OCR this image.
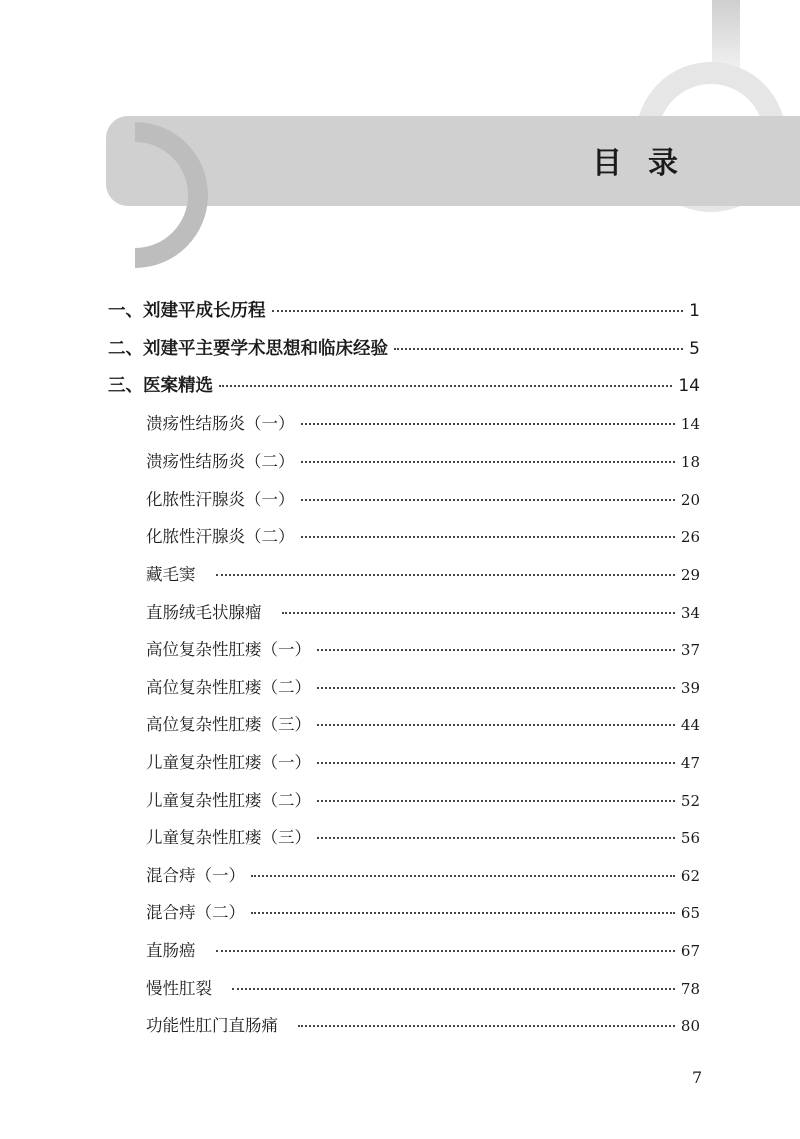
目录
一、刘建平成长历程	1
二、刘建平主要学术思想和临床经验	5
三、医案精选	14
溃疡性结肠炎（一）	14
溃疡性结肠炎（二）	18
化脓性汗腺炎（一）	20
化脓性汗腺炎（二）	26
藏毛窦	29
直肠绒毛状腺瘤	34
高位复杂性肛瘘（一）	37
高位复杂性肛瘘（二）	39
高位复杂性肛瘘（三）	44
儿童复杂性肛瘘（一）	47
儿童复杂性肛瘘（二）	52
儿童复杂性肛瘘（三）	56
混合痔（一）	62
混合痔（二）	65
直肠癌	67
慢性肛裂	78
功能性肛门直肠痛	80
7
